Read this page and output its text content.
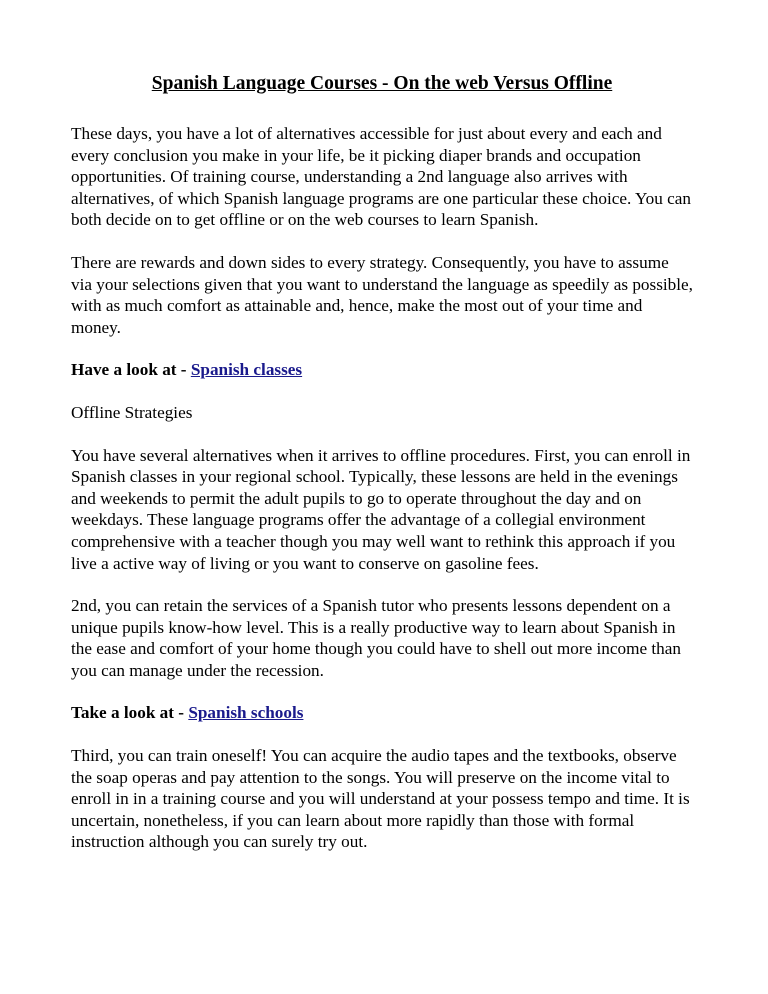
Spanish Language Courses - On the web Versus Offline

These days, you have a lot of alternatives accessible for just about every and each and every conclusion you make in your life, be it picking diaper brands and occupation opportunities. Of training course, understanding a 2nd language also arrives with alternatives, of which Spanish language programs are one particular these choice. You can both decide on to get offline or on the web courses to learn Spanish.

There are rewards and down sides to every strategy. Consequently, you have to assume via your selections given that you want to understand the language as speedily as possible, with as much comfort as attainable and, hence, make the most out of your time and money.

Have a look at - Spanish classes

Offline Strategies

You have several alternatives when it arrives to offline procedures. First, you can enroll in Spanish classes in your regional school. Typically, these lessons are held in the evenings and weekends to permit the adult pupils to go to operate throughout the day and on weekdays. These language programs offer the advantage of a collegial environment comprehensive with a teacher though you may well want to rethink this approach if you live a active way of living or you want to conserve on gasoline fees.

2nd, you can retain the services of a Spanish tutor who presents lessons dependent on a unique pupils know-how level. This is a really productive way to learn about Spanish in the ease and comfort of your home though you could have to shell out more income than you can manage under the recession.

Take a look at - Spanish schools

Third, you can train oneself! You can acquire the audio tapes and the textbooks, observe the soap operas and pay attention to the songs. You will preserve on the income vital to enroll in in a training course and you will understand at your possess tempo and time. It is uncertain, nonetheless, if you can learn about more rapidly than those with formal instruction although you can surely try out.
